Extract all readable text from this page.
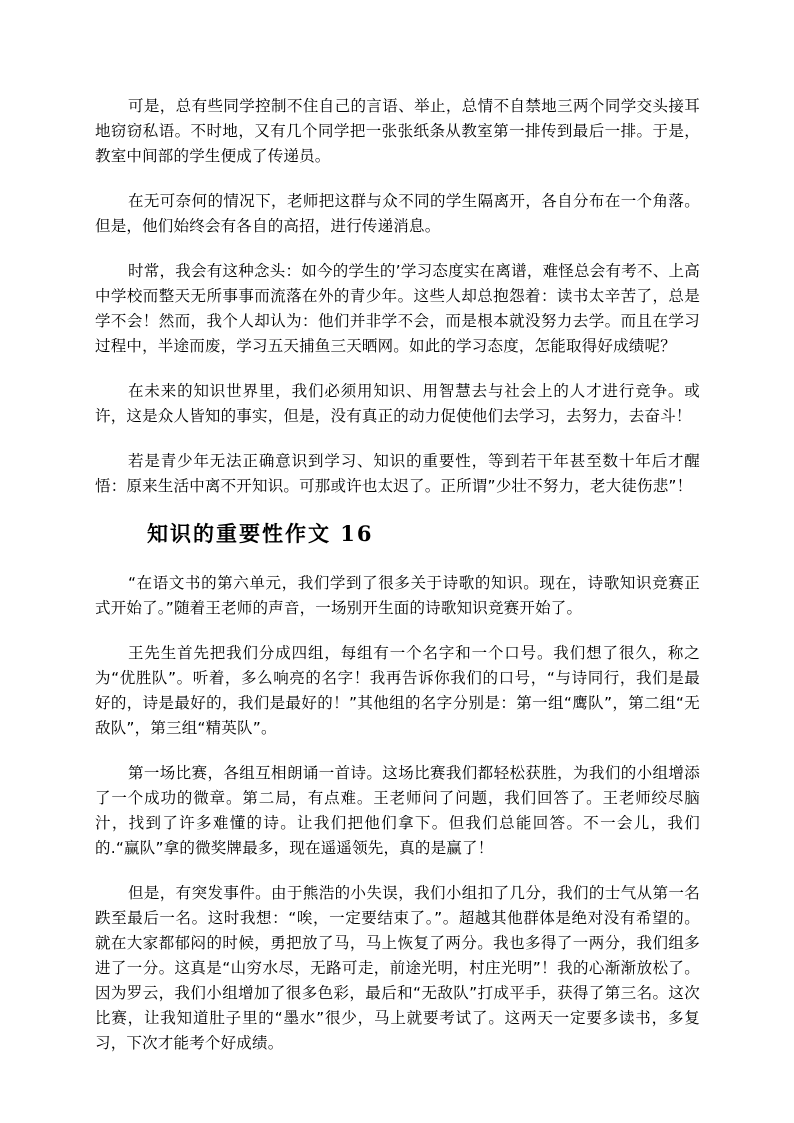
可是，总有些同学控制不住自己的言语、举止，总情不自禁地三两个同学交头接耳地窃窃私语。不时地，又有几个同学把一张张纸条从教室第一排传到最后一排。于是，教室中间部的学生便成了传递员。

在无可奈何的情况下，老师把这群与众不同的学生隔离开，各自分布在一个角落。但是，他们始终会有各自的高招，进行传递消息。

时常，我会有这种念头：如今的学生的’学习态度实在离谱，难怪总会有考不、上高中学校而整天无所事事而流落在外的青少年。这些人却总抱怨着：读书太辛苦了，总是学不会！然而，我个人却认为：他们并非学不会，而是根本就没努力去学。而且在学习过程中，半途而废，学习五天捕鱼三天晒网。如此的学习态度，怎能取得好成绩呢？

在未来的知识世界里，我们必须用知识、用智慧去与社会上的人才进行竞争。或许，这是众人皆知的事实，但是，没有真正的动力促使他们去学习，去努力，去奋斗！

若是青少年无法正确意识到学习、知识的重要性，等到若干年甚至数十年后才醒悟：原来生活中离不开知识。可那或许也太迟了。正所谓”少壮不努力，老大徒伤悲”！

知识的重要性作文 16

“在语文书的第六单元，我们学到了很多关于诗歌的知识。现在，诗歌知识竞赛正式开始了。”随着王老师的声音，一场别开生面的诗歌知识竞赛开始了。

王先生首先把我们分成四组，每组有一个名字和一个口号。我们想了很久，称之为“优胜队”。听着，多么响亮的名字！我再告诉你我们的口号，“与诗同行，我们是最好的，诗是最好的，我们是最好的！”其他组的名字分别是：第一组“鹰队”，第二组“无敌队”，第三组“精英队”。

第一场比赛，各组互相朗诵一首诗。这场比赛我们都轻松获胜，为我们的小组增添了一个成功的微章。第二局，有点难。王老师问了问题，我们回答了。王老师绞尽脑汁，找到了许多难懂的诗。让我们把他们拿下。但我们总能回答。不一会儿，我们的.“赢队”拿的微奖牌最多，现在遥遥领先，真的是赢了！

但是，有突发事件。由于熊浩的小失误，我们小组扣了几分，我们的士气从第一名跌至最后一名。这时我想：“唉，一定要结束了。”。超越其他群体是绝对没有希望的。就在大家都郁闷的时候，勇把放了马，马上恢复了两分。我也多得了一两分，我们组多进了一分。这真是“山穷水尽，无路可走，前途光明，村庄光明”！我的心渐渐放松了。因为罗云，我们小组增加了很多色彩，最后和“无敌队”打成平手，获得了第三名。这次比赛，让我知道肚子里的“墨水”很少，马上就要考试了。这两天一定要多读书，多复习，下次才能考个好成绩。
